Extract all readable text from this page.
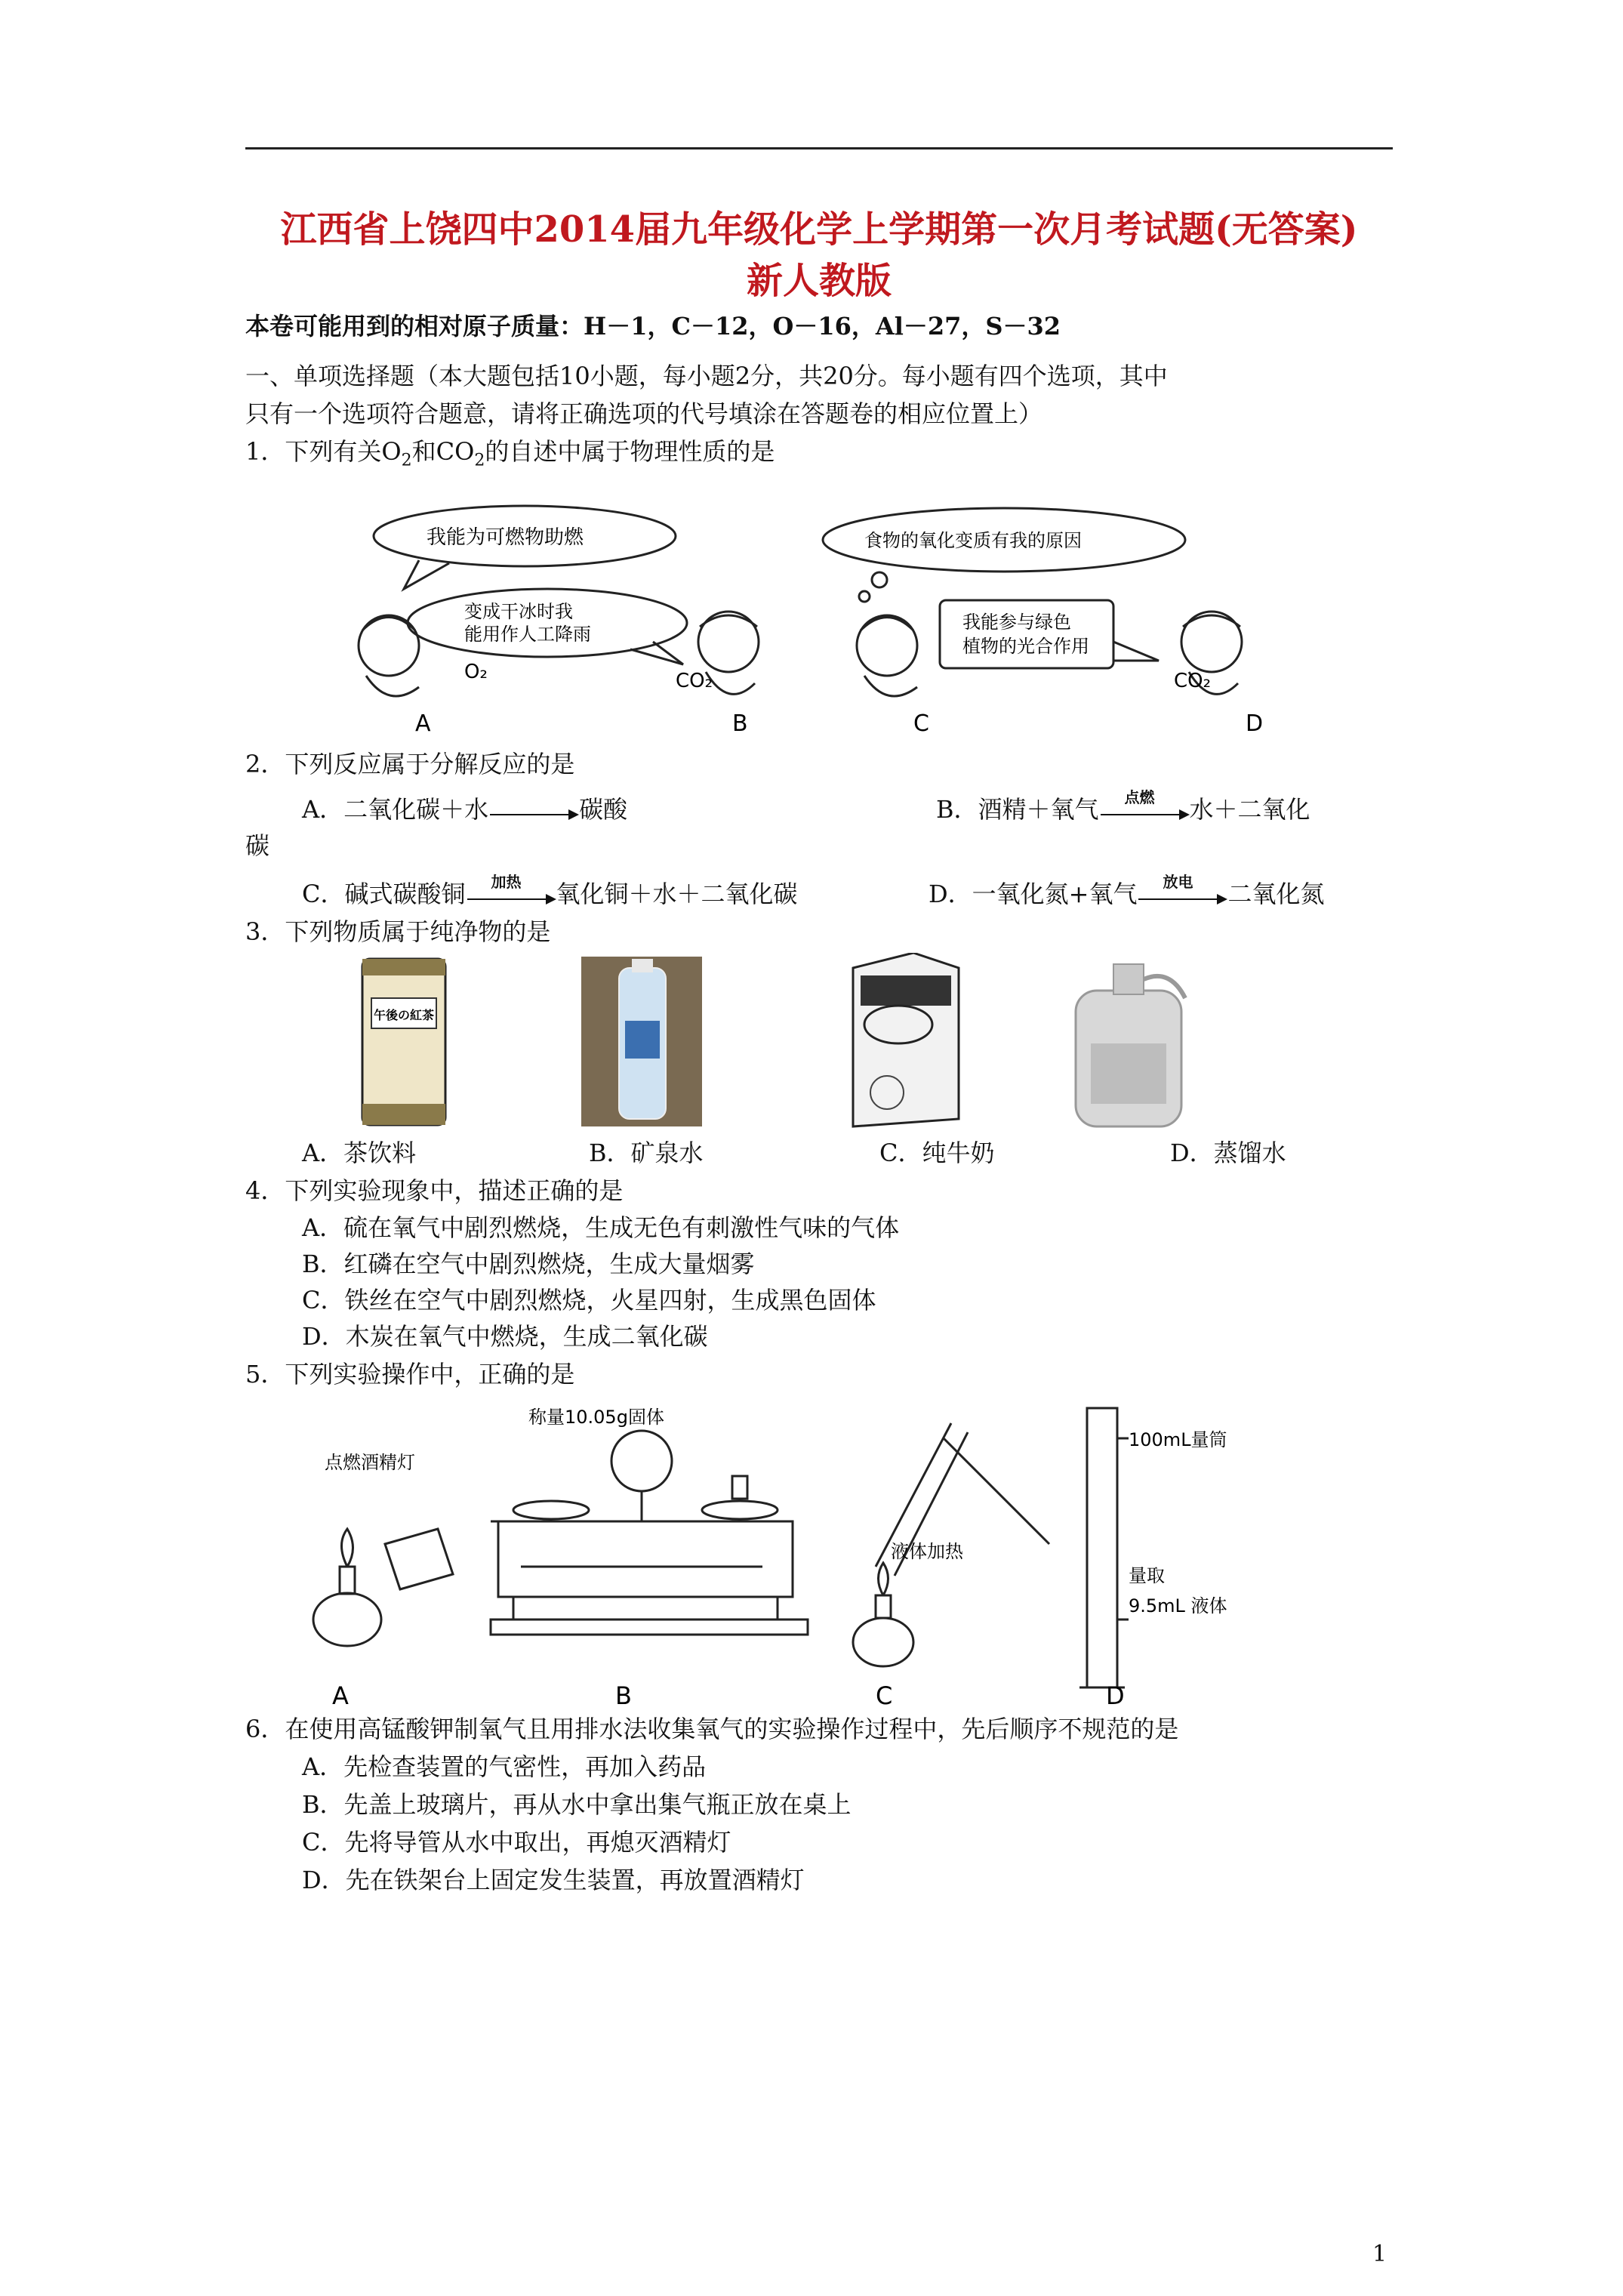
江西省上饶四中2014届九年级化学上学期第一次月考试题(无答案)
新人教版
本卷可能用到的相对原子质量：H－1，C－12，O－16，Al－27，S－32
一、单项选择题（本大题包括10小题，每小题2分，共20分。每小题有四个选项，其中
只有一个选项符合题意，请将正确选项的代号填涂在答题卷的相应位置上）
1．下列有关$O_2$和$CO_2$的自述中属于物理性质的是
我能为可燃物助燃
变成干冰时我
能用作人工降雨
食物的氧化变质有我的原因
我能参与绿色
植物的光合作用
O₂	CO₂	CO₂
A	B	C	D
2．下列反应属于分解反应的是
A．二氧化碳＋水	碳酸	B．酒精＋氧气	点燃	水＋二氧化
碳
C．碱式碳酸铜	加热	氧化铜＋水＋二氧化碳	D．一氧化氮+氧气	放电	二氧化氮
3．下列物质属于纯净物的是
午後の紅茶
A．茶饮料	B．矿泉水	C．纯牛奶	D．蒸馏水
4．下列实验现象中，描述正确的是
A．硫在氧气中剧烈燃烧，生成无色有刺激性气味的气体
B．红磷在空气中剧烈燃烧，生成大量烟雾
C．铁丝在空气中剧烈燃烧，火星四射，生成黑色固体
D．木炭在氧气中燃烧，生成二氧化碳
5．下列实验操作中，正确的是
点燃酒精灯
称量10.05g固体
液体加热
100mL量筒
量取
9.5mL 液体
A	B	C	D
6．在使用高锰酸钾制氧气且用排水法收集氧气的实验操作过程中，先后顺序不规范的是
A．先检查装置的气密性，再加入药品
B．先盖上玻璃片，再从水中拿出集气瓶正放在桌上
C．先将导管从水中取出，再熄灭酒精灯
D．先在铁架台上固定发生装置，再放置酒精灯
1
